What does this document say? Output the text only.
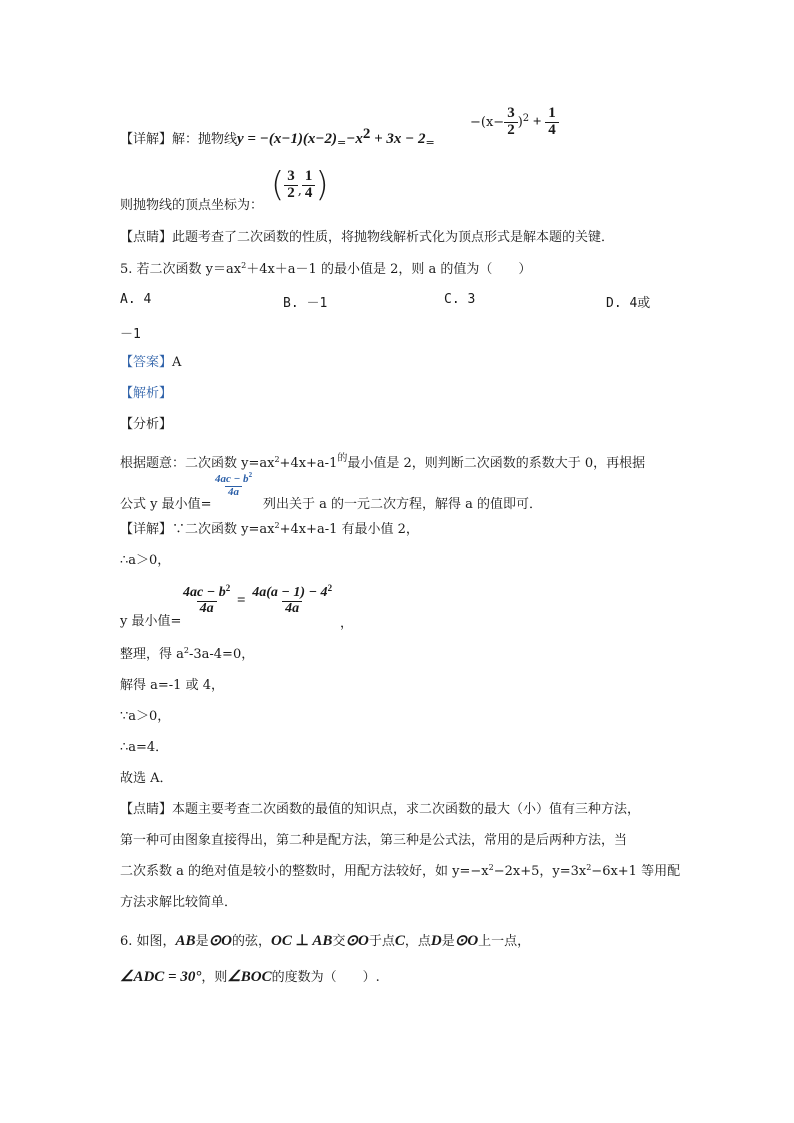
【详解】解：抛物线$y = -(x-1)(x-2)_=-x^2 + 3x - 2_=$
$-(x- \frac{3}{2} )^2 + \frac{1}{4}$
则抛物线的顶点坐标为：
( $\frac{3}{2}$ , $\frac{1}{4}$ )
【点睛】此题考查了二次函数的性质，将抛物线解析式化为顶点形式是解本题的关键．
5. 若二次函数 $y=ax^2+4x+a-1$ 的最小值是 2，则 a 的值为（　　）
A. 4	B. －1	C. 3	D. 4或
－1
【答案】A
【解析】
【分析】
根据题意：二次函数 $y=ax^2+4x+a-1^的$最小值是 2，则判断二次函数的系数大于 0，再根据
公式 y 最小值=
$\frac{4ac - b^2}{4a}$
列出关于 a 的一元二次方程，解得 a 的值即可．
【详解】∵二次函数 $y=ax^2+4x+a-1$ 有最小值 2，
∴a＞0，
y 最小值=
$\frac{4ac - b^2}{4a} = \frac{4a(a - 1) - 4^2}{4a}$
，
整理，得 $a^2-3a-4=0$，
解得 a=-1 或 4，
∵a＞0，
∴a=4．
故选 A．
【点睛】本题主要考查二次函数的最值的知识点，求二次函数的最大（小）值有三种方法，
第一种可由图象直接得出，第二种是配方法，第三种是公式法，常用的是后两种方法，当
二次系数 a 的绝对值是较小的整数时，用配方法较好，如 $y=-x^2-2x+5$，$y=3x^2-6x+1$ 等用配
方法求解比较简单．
6. 如图，AB是⊙O的弦，OC ⊥ AB交⊙O于点C，点D是⊙O上一点，
∠ADC = 30°，则∠BOC的度数为（　　）.
